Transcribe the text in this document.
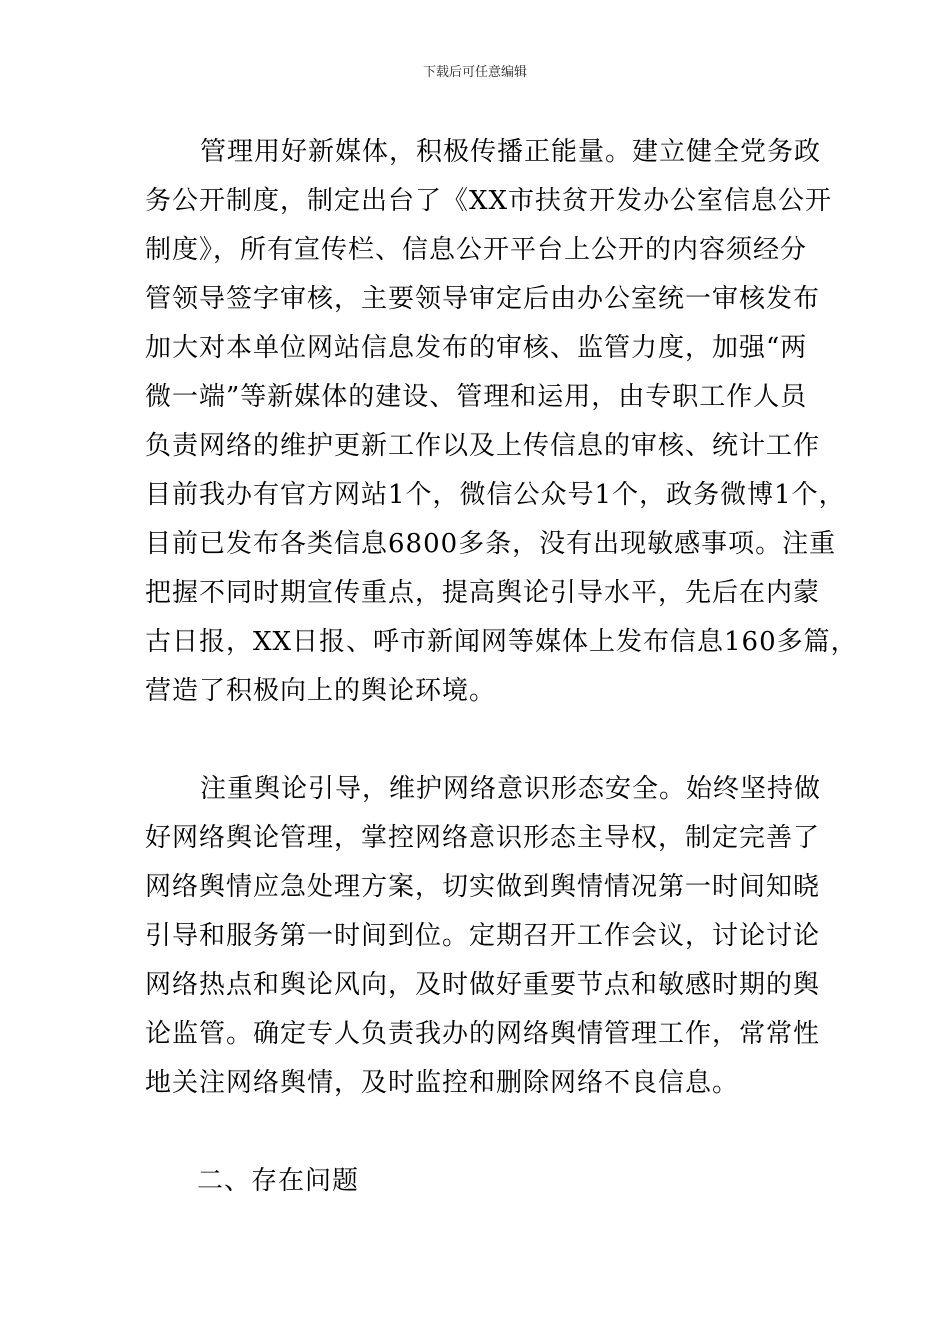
下载后可任意编辑

管理用好新媒体，积极传播正能量。建立健全党务政
务公开制度，制定出台了《XX市扶贫开发办公室信息公开
制度》，所有宣传栏、信息公开平台上公开的内容须经分
管领导签字审核，主要领导审定后由办公室统一审核发布
加大对本单位网站信息发布的审核、监管力度，加强“两
微一端”等新媒体的建设、管理和运用，由专职工作人员
负责网络的维护更新工作以及上传信息的审核、统计工作
目前我办有官方网站1个，微信公众号1个，政务微博1个，
目前已发布各类信息6800多条，没有出现敏感事项。注重
把握不同时期宣传重点，提高舆论引导水平，先后在内蒙
古日报，XX日报、呼市新闻网等媒体上发布信息160多篇，
营造了积极向上的舆论环境。

注重舆论引导，维护网络意识形态安全。始终坚持做
好网络舆论管理，掌控网络意识形态主导权，制定完善了
网络舆情应急处理方案，切实做到舆情情况第一时间知晓
引导和服务第一时间到位。定期召开工作会议，讨论讨论
网络热点和舆论风向，及时做好重要节点和敏感时期的舆
论监管。确定专人负责我办的网络舆情管理工作，常常性
地关注网络舆情，及时监控和删除网络不良信息。

二、存在问题
